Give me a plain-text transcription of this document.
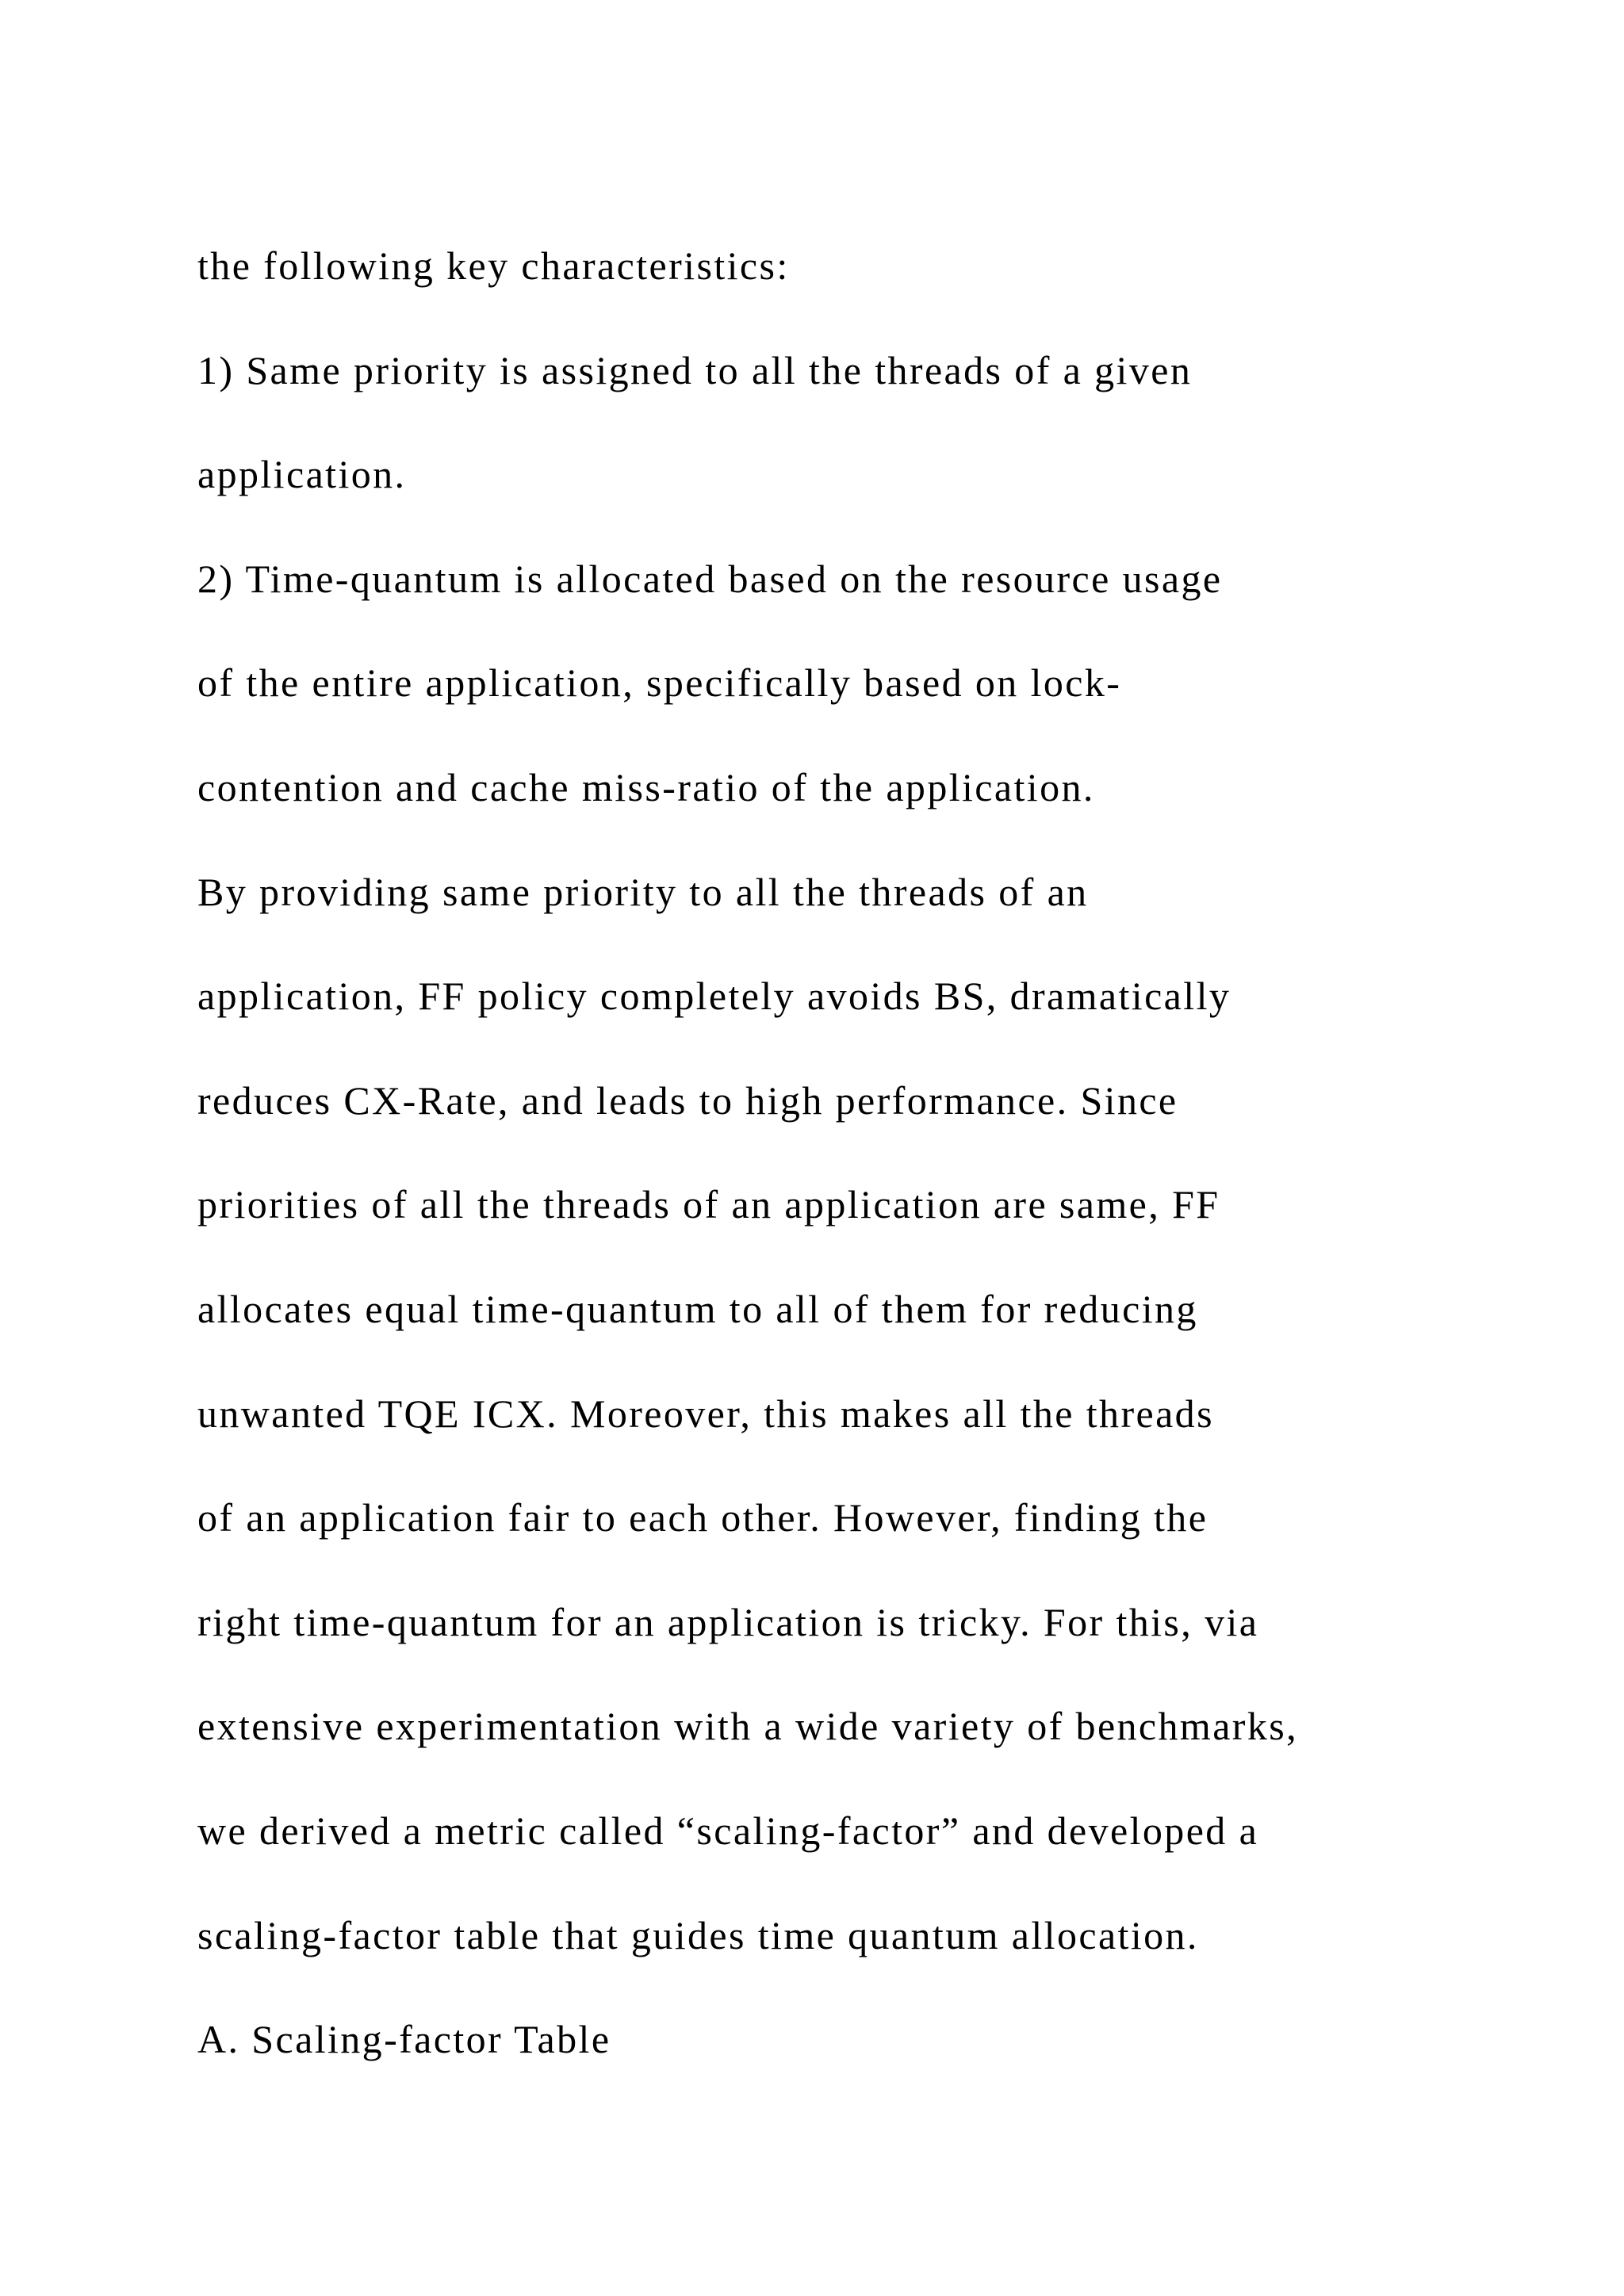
the following key characteristics:
1) Same priority is assigned to all the threads of a given
application.
2) Time-quantum is allocated based on the resource usage
of the entire application, specifically based on lock-
contention and cache miss-ratio of the application.
By providing same priority to all the threads of an
application, FF policy completely avoids BS, dramatically
reduces CX-Rate, and leads to high performance. Since
priorities of all the threads of an application are same, FF
allocates equal time-quantum to all of them for reducing
unwanted TQE ICX. Moreover, this makes all the threads
of an application fair to each other. However, finding the
right time-quantum for an application is tricky. For this, via
extensive experimentation with a wide variety of benchmarks,
we derived a metric called “scaling-factor” and developed a
scaling-factor table that guides time quantum allocation.
A. Scaling-factor Table
